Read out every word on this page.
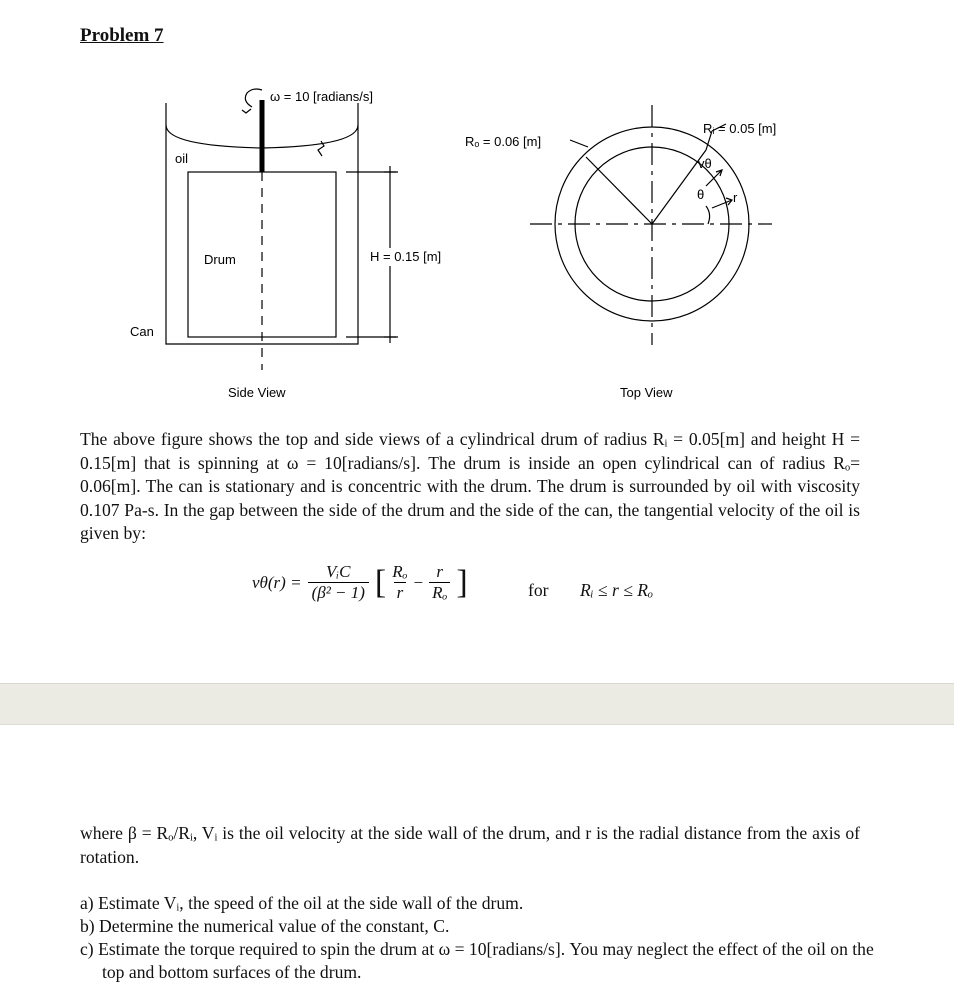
Problem 7
ω = 10 [radians/s]
oil
Drum
Can
H = 0.15 [m]
Side View	Top View
Rₒ = 0.06 [m]
Rᵢ = 0.05 [m]
vθ
r
θ
The above figure shows the top and side views of a cylindrical drum of radius Rᵢ = 0.05[m] and height H = 0.15[m] that is spinning at ω = 10[radians/s]. The drum is inside an open cylindrical can of radius Rₒ= 0.06[m]. The can is stationary and is concentric with the drum. The drum is surrounded by oil with viscosity 0.107 Pa-s. In the gap between the side of the drum and the side of the can, the tangential velocity of the oil is given by:
vθ(r) =
VᵢC
(β² − 1) [ $\frac{\text{Rₒ}}{r} - \frac{r}{\text{Rₒ}}$ ]	for Rᵢ ≤ r ≤ Rₒ
where β = Rₒ/Rᵢ, Vᵢ is the oil velocity at the side wall of the drum, and r is the radial distance from the axis of rotation.
a) Estimate Vᵢ, the speed of the oil at the side wall of the drum.
b) Determine the numerical value of the constant, C.
c) Estimate the torque required to spin the drum at ω = 10[radians/s]. You may neglect the effect of the oil on the top and bottom surfaces of the drum.
